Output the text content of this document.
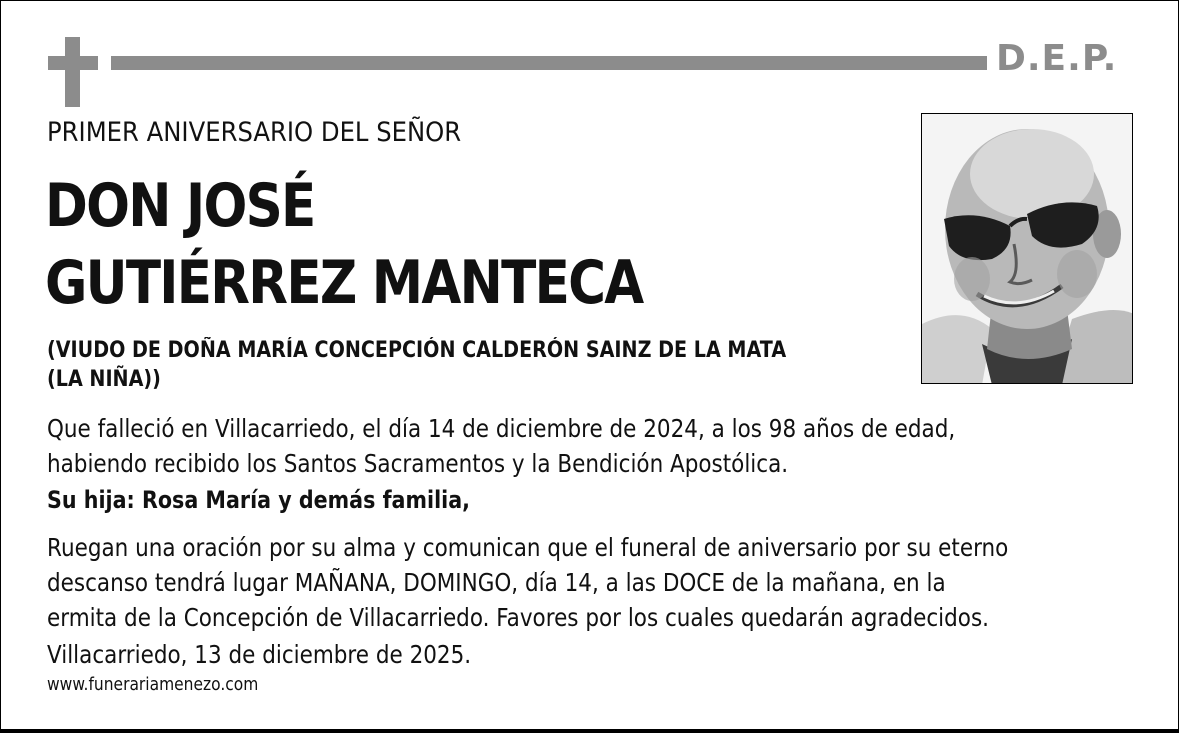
D.E.P.
PRIMER ANIVERSARIO DEL SEÑOR
DON JOSÉ
GUTIÉRREZ MANTECA
(VIUDO DE DOÑA MARÍA CONCEPCIÓN CALDERÓN SAINZ DE LA MATA
(LA NIÑA))
Que falleció en Villacarriedo, el día 14 de diciembre de 2024, a los 98 años de edad,
habiendo recibido los Santos Sacramentos y la Bendición Apostólica.
Su hija: Rosa María y demás familia,
Ruegan una oración por su alma y comunican que el funeral de aniversario por su eterno
descanso tendrá lugar MAÑANA, DOMINGO, día 14, a las DOCE de la mañana, en la
ermita de la Concepción de Villacarriedo. Favores por los cuales quedarán agradecidos.
Villacarriedo, 13 de diciembre de 2025.
www.funerariamenezo.com
